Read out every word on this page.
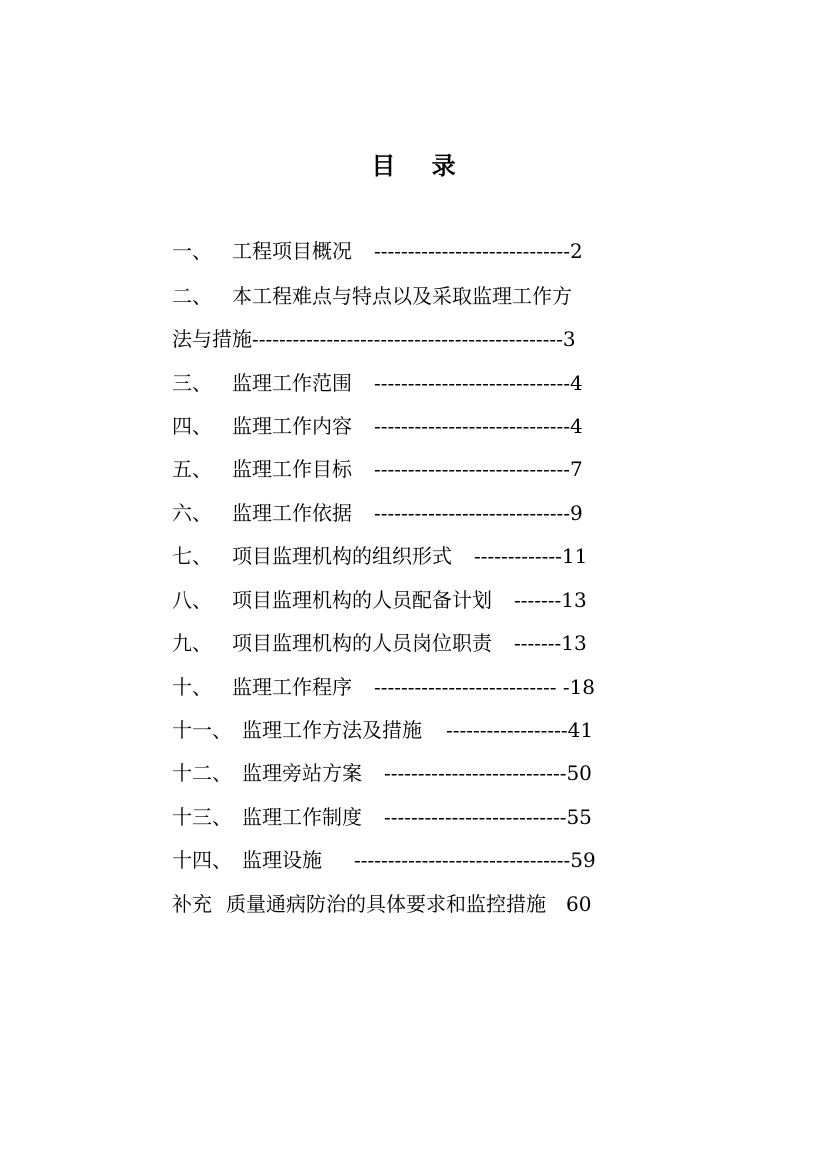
目 录
一、 工程项目概况 -----------------------------2
二、 本工程难点与特点以及采取监理工作方
法与措施----------------------------------------------3
三、 监理工作范围 -----------------------------4
四、 监理工作内容 -----------------------------4
五、 监理工作目标 -----------------------------7
六、 监理工作依据 -----------------------------9
七、 项目监理机构的组织形式 -------------11
八、 项目监理机构的人员配备计划 -------13
九、 项目监理机构的人员岗位职责 -------13
十、 监理工作程序 --------------------------- -18
十一、 监理工作方法及措施 ------------------41
十二、 监理旁站方案 ---------------------------50
十三、 监理工作制度 ---------------------------55
十四、 监理设施 --------------------------------59
补充 质量通病防治的具体要求和监控措施 60
